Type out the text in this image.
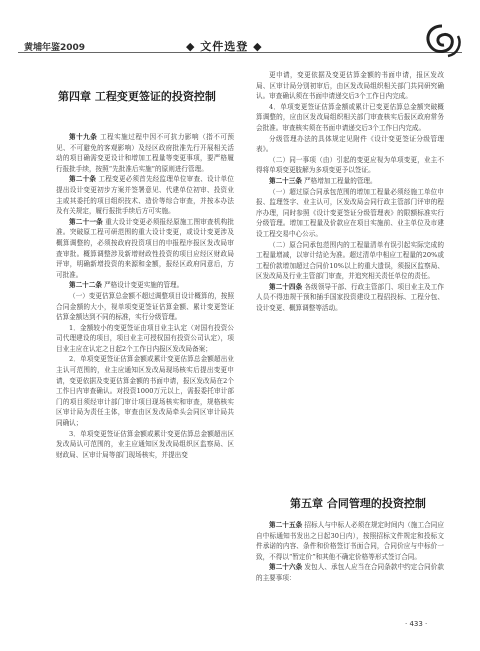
黄埔年鉴2009	◆ 文件选登 ◆
第四章 工程变更签证的投资控制

第十九条 工程实施过程中因不可抗力影响（指不可预见、不可避免的客观影响）及经区政府批准先行开展相关活动的项目确需变更设计和增加工程量等变更事项，要严格履行报批手续，按照“先批准后实施”的原则进行管理。

第二十条 工程变更必须首先经监理单位审查、设计单位提出设计变更初步方案并签署意见、代建单位初审、投资业主或其委托的项目组织技术、造价等综合审查，并按本办法及有关规定，履行报批手续后方可实施。

第二十一条 重大设计变更必须报经原施工图审查机构批准。突破原工程可研范围的重大设计变更，或设计变更涉及概算调整的，必须按政府投资项目的申报程序报区发改局审查审批。概算调整涉及新增财政性投资的项目应经区财政局评审，明确新增投资的来源和金额，报经区政府同意后，方可批准。

第二十二条 严格设计变更实施的管理。

（一）变更估算总金额不超过调整项目设计概算的，按照合同金额的大小，视单项变更签证估算金额、累计变更签证估算金额达到不同的标准，实行分级管理。

1．金额较小的变更签证由项目业主认定（对国有投资公司代理建设的项目，项目业主可授权国有投资公司认定），项目业主应在认定之日起2个工作日内报区发改局备案；

2．单项变更签证估算金额或累计变更估算总金额超出业主认可范围的，业主应通知区发改局现场核实后提出变更申请，变更依据及变更估算金额的书面申请，报区发改局在2个工作日内审查确认。对投资1000万元以上，需报委托审计部门的项目须经审计部门审计项目现场核实和审查，规格核实区审计局为责任主体，审查由区发改局牵头会同区审计局共同确认；

3．单项变更签证估算金额或累计变更估算总金额超出区发改局认可范围的，业主应通知区发改局组织区监察局、区财政局、区审计局等部门现场核实，并提出变

更申请，变更依据及变更估算金额的书面申请，报区发改局、区审计局分别初审后，由区发改局组织相关部门共同研究确认。审查确认须在书面申请递交后3个工作日内完成。

4．单项变更签证估算金额或累计已变更估算总金额突破概算调整的，应由区发改局组织相关部门审查核实后报区政府常务会批准。审查核实须在书面申请递交后3个工作日内完成。

分级管理办法的具体规定见附件《设计变更签证分级管理表》。

（二）同一事项（由）引起的变更应视为单项变更，业主不得将单项变更肢解为多项变更予以签证。

第二十三条 严格增加工程量的管理。

（一）超过原合同承包范围的增加工程量必须经施工单位申报、监理签字、业主认可，区发改局会同行政主管部门评审的程序办理，同时参照《设计变更签证分级管理表》的限额标准实行分级管理。增加工程量及价款应在项目实施前、业主单位及市建设工程交易中心公示。

（二）原合同承包范围内的工程量清单有误引起实际完成的工程量增减，以审计结论为准。超过清单中相应工程量的20%或工程价款增加超过合同价10%以上的重大遗误，须报区监察局、区发改局及行业主管部门审查，并追究相关责任单位的责任。

第二十四条 各级领导干部、行政主管部门、项目业主及工作人员不得违规干预和插手国家投资建设工程招投标、工程分包、设计变更、概算调整等活动。

第五章 合同管理的投资控制

第二十五条 招标人与中标人必须在规定时间内（施工合同应自中标通知书发出之日起30日内），按照招标文件规定和投标文件承诺的内容、条件和价格签订书面合同，合同价应与中标价一致，不得以“暂定价”和其他不确定价格等形式签订合同。

第二十六条 发包人、承包人应当在合同条款中约定合同价款的主要事项：

· 433 ·
